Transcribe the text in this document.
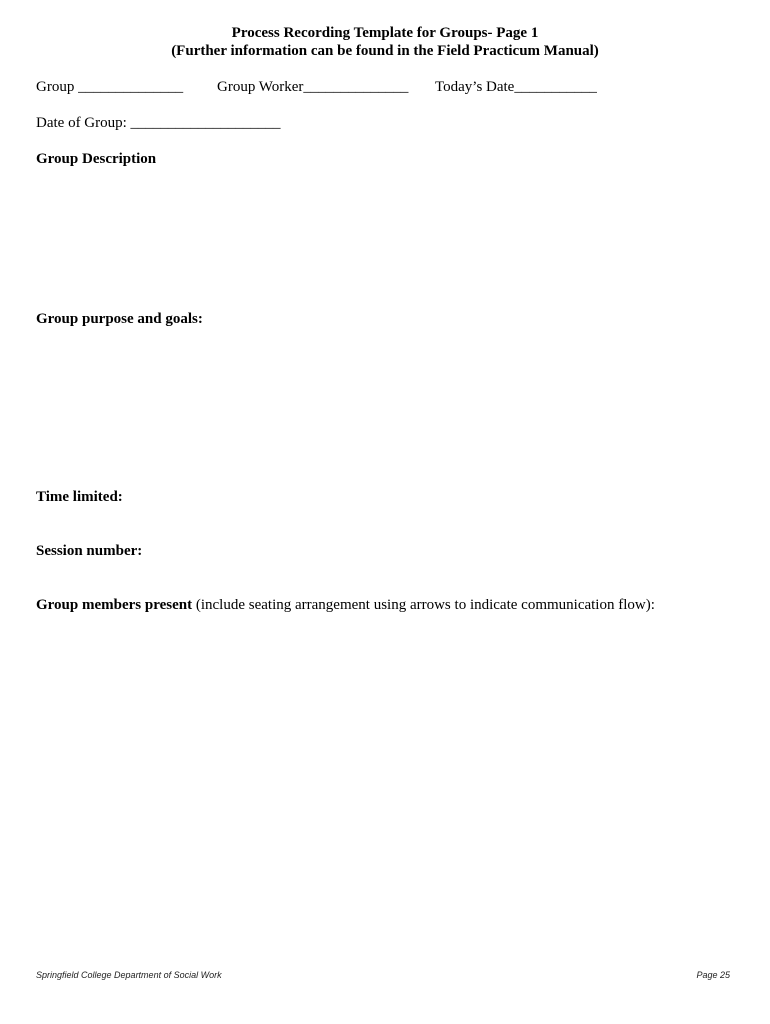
Process Recording Template for Groups- Page 1
(Further information can be found in the Field Practicum Manual)
Group ______________ Group Worker______________ Today’s Date___________
Date of Group: ____________________
Group Description
Group purpose and goals:
Time limited:
Session number:
Group members present (include seating arrangement using arrows to indicate communication flow):
Springfield College Department of Social Work	Page 25
